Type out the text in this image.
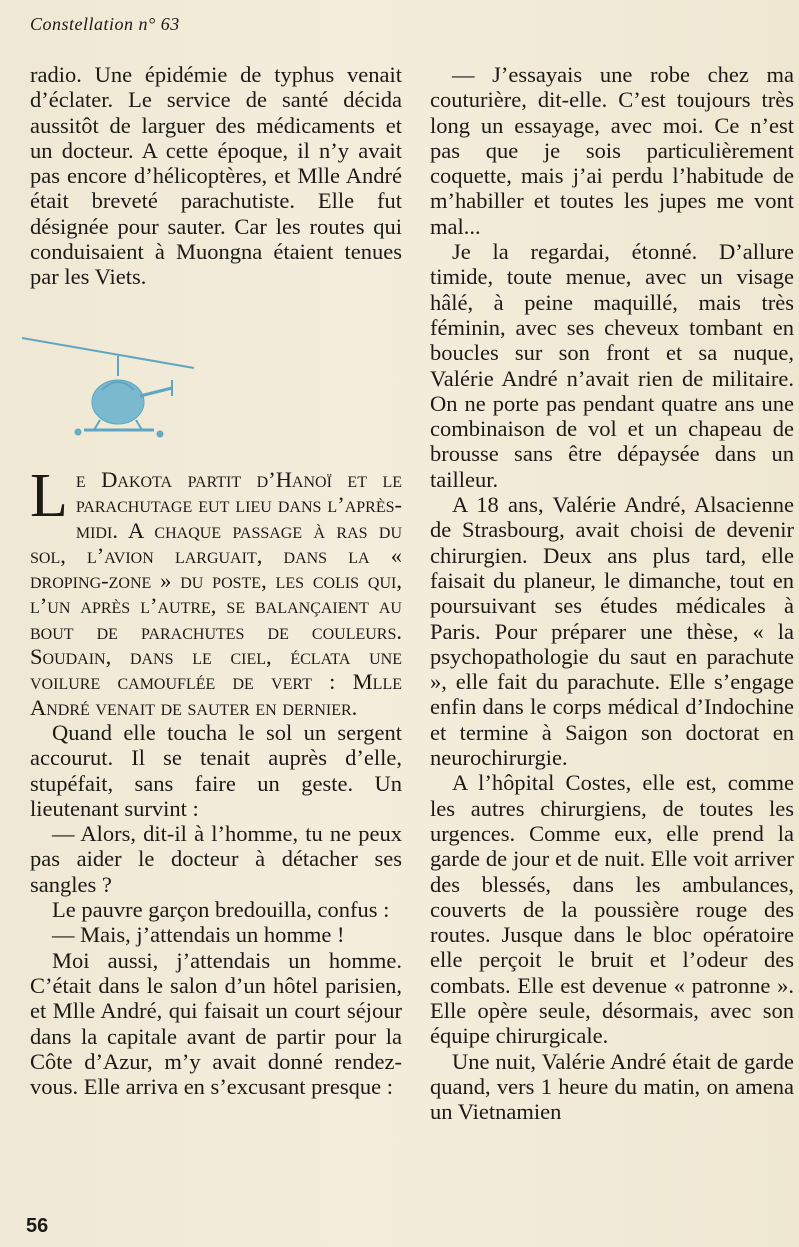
Constellation n° 63

radio. Une épidémie de typhus venait d’éclater. Le service de santé décida aussitôt de larguer des médicaments et un docteur. A cette époque, il n’y avait pas encore d’hélicoptères, et Mlle André était breveté parachutiste. Elle fut désignée pour sauter. Car les routes qui conduisaient à Muongna étaient tenues par les Viets.

Le Dakota partit d’Hanoï et le parachutage eut lieu dans l’après-midi. A chaque passage à ras du sol, l’avion larguait, dans la « droping-zone » du poste, les colis qui, l’un après l’autre, se balançaient au bout de parachutes de couleurs. Soudain, dans le ciel, éclata une voilure camouflée de vert : Mlle André venait de sauter en dernier.

Quand elle toucha le sol un sergent accourut. Il se tenait auprès d’elle, stupéfait, sans faire un geste. Un lieutenant survint :

— Alors, dit-il à l’homme, tu ne peux pas aider le docteur à détacher ses sangles ?

Le pauvre garçon bredouilla, confus :

— Mais, j’attendais un homme !

Moi aussi, j’attendais un homme. C’était dans le salon d’un hôtel parisien, et Mlle André, qui faisait un court séjour dans la capitale avant de partir pour la Côte d’Azur, m’y avait donné rendez-vous. Elle arriva en s’excusant presque :

— J’essayais une robe chez ma couturière, dit-elle. C’est toujours très long un essayage, avec moi. Ce n’est pas que je sois particulièrement coquette, mais j’ai perdu l’habitude de m’habiller et toutes les jupes me vont mal...

Je la regardai, étonné. D’allure timide, toute menue, avec un visage hâlé, à peine maquillé, mais très féminin, avec ses cheveux tombant en boucles sur son front et sa nuque, Valérie André n’avait rien de militaire. On ne porte pas pendant quatre ans une combinaison de vol et un chapeau de brousse sans être dépaysée dans un tailleur.

A 18 ans, Valérie André, Alsacienne de Strasbourg, avait choisi de devenir chirurgien. Deux ans plus tard, elle faisait du planeur, le dimanche, tout en poursuivant ses études médicales à Paris. Pour préparer une thèse, « la psychopathologie du saut en parachute », elle fait du parachute. Elle s’engage enfin dans le corps médical d’Indochine et termine à Saigon son doctorat en neurochirurgie.

A l’hôpital Costes, elle est, comme les autres chirurgiens, de toutes les urgences. Comme eux, elle prend la garde de jour et de nuit. Elle voit arriver des blessés, dans les ambulances, couverts de la poussière rouge des routes. Jusque dans le bloc opératoire elle perçoit le bruit et l’odeur des combats. Elle est devenue « patronne ». Elle opère seule, désormais, avec son équipe chirurgicale.

Une nuit, Valérie André était de garde quand, vers 1 heure du matin, on amena un Vietnamien

56
